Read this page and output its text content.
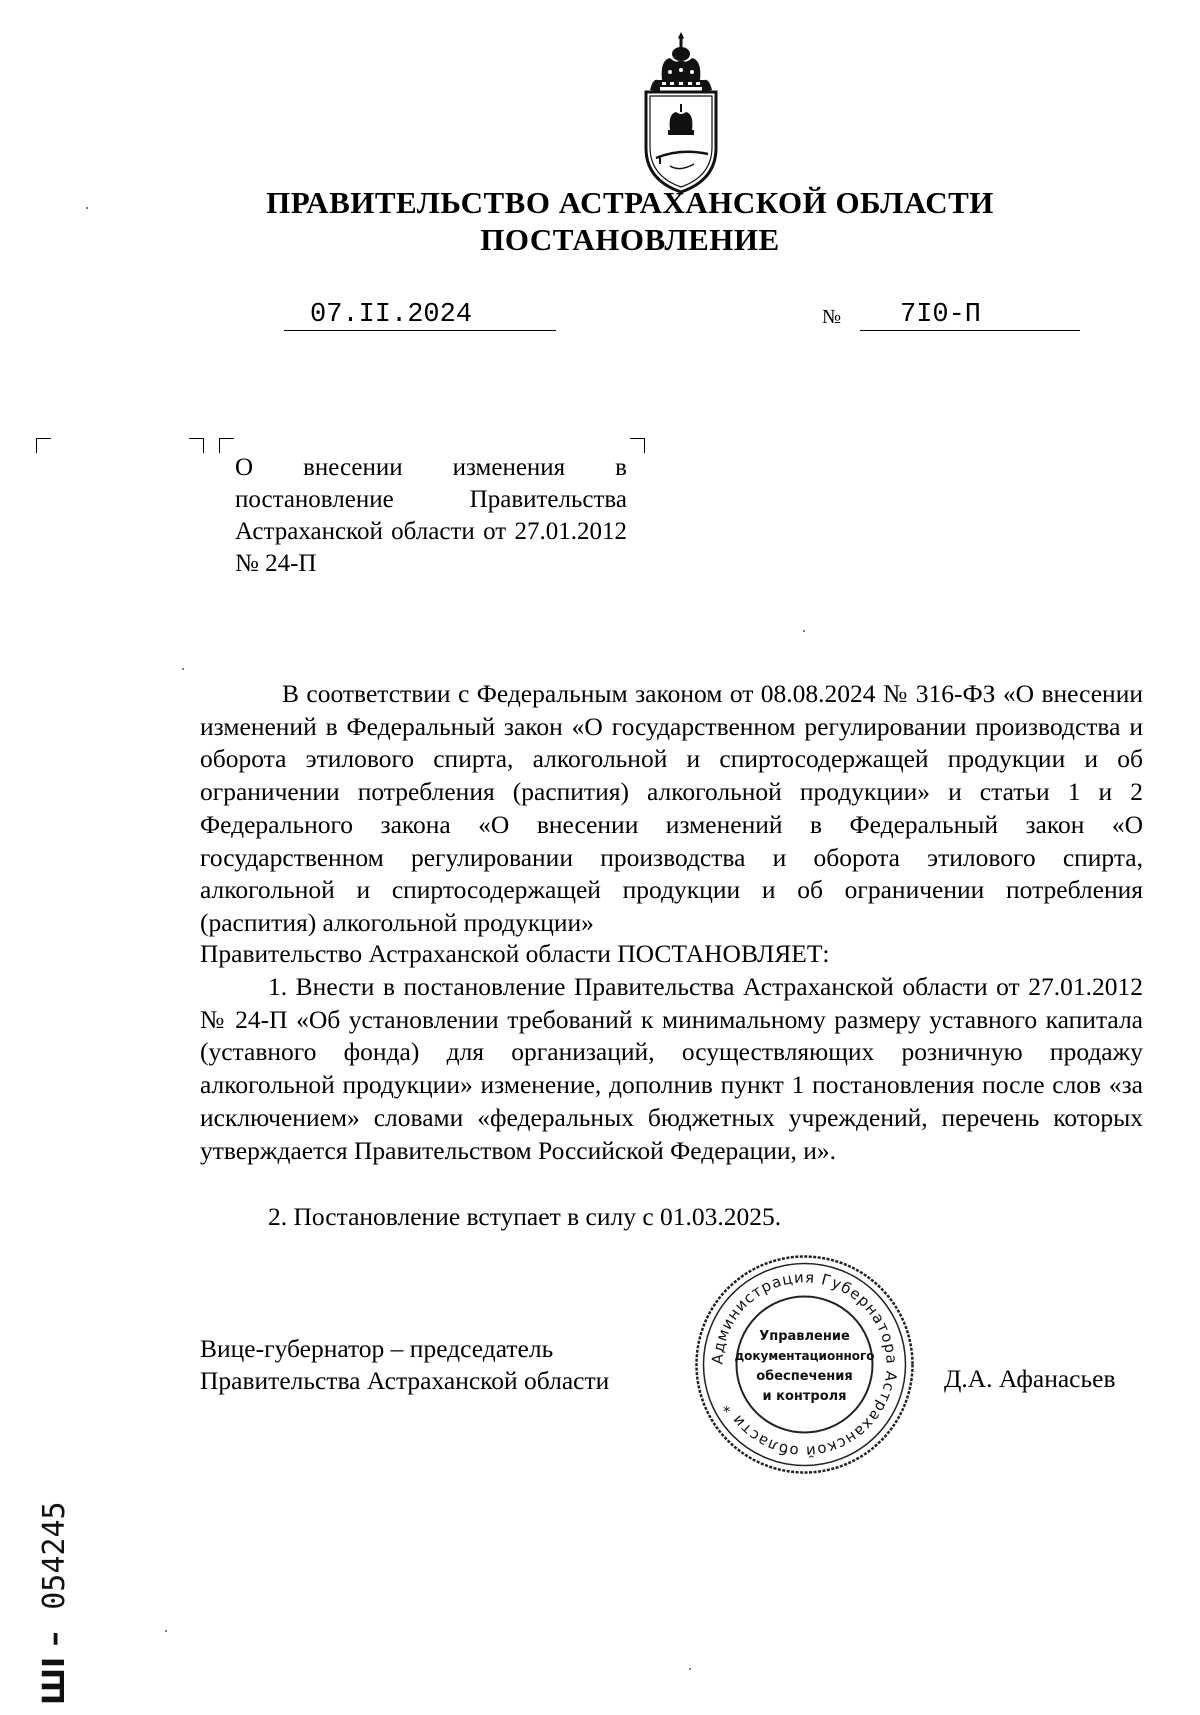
ПРАВИТЕЛЬСТВО АСТРАХАНСКОЙ ОБЛАСТИ
ПОСТАНОВЛЕНИЕ
07.II.2024	№ 7I0-П
О внесении изменения в постановление Правительства Астраханской области от 27.01.2012 № 24-П
В соответствии с Федеральным законом от 08.08.2024 № 316-ФЗ «О внесении изменений в Федеральный закон «О государственном регулировании производства и оборота этилового спирта, алкогольной и спиртосодержащей продукции и об ограничении потребления (распития) алкогольной продукции» и статьи 1 и 2 Федерального закона «О внесении изменений в Федеральный закон «О государственном регулировании производства и оборота этилового спирта, алкогольной и спиртосодержащей продукции и об ограничении потребления (распития) алкогольной продукции»
Правительство Астраханской области ПОСТАНОВЛЯЕТ:
1. Внести в постановление Правительства Астраханской области от 27.01.2012 № 24-П «Об установлении требований к минимальному размеру уставного капитала (уставного фонда) для организаций, осуществляющих розничную продажу алкогольной продукции» изменение, дополнив пункт 1 постановления после слов «за исключением» словами «федеральных бюджетных учреждений, перечень которых утверждается Правительством Российской Федерации, и».
2. Постановление вступает в силу с 01.03.2025.
Вице-губернатор – председатель
Правительства Астраханской области	Д.А. Афанасьев
Администрация Губернатора Астраханской области *
Управление
документационного
обеспечения
и контроля
ШI – 054245
